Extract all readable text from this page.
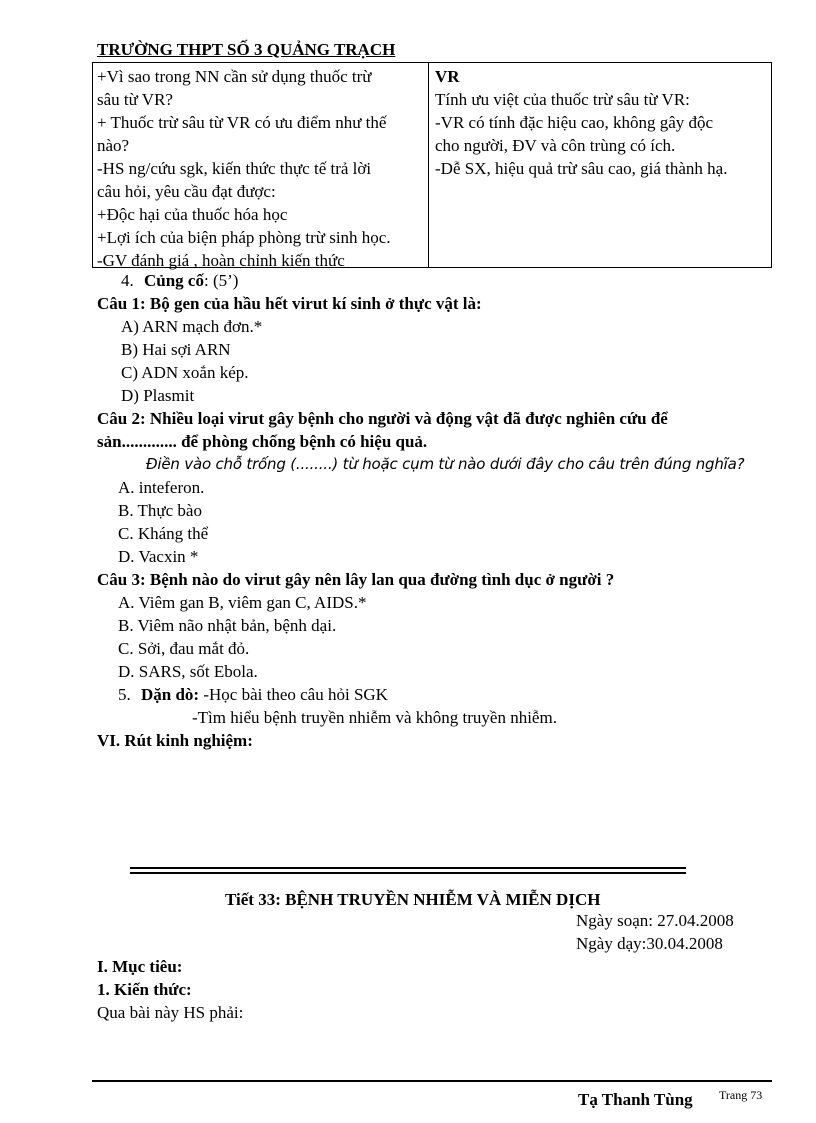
TRƯỜNG THPT SỐ 3 QUẢNG TRẠCH
+Vì sao trong NN cần sử dụng thuốc trừ
sâu từ VR?
+ Thuốc trừ sâu từ VR có ưu điểm như thế
nào?
-HS ng/cứu sgk, kiến thức thực tế trả lời
câu hỏi, yêu cầu đạt được:
+Độc hại của thuốc hóa học
+Lợi ích của biện pháp phòng trừ sinh học.
-GV đánh giá , hoàn chỉnh kiến thức
VR
Tính ưu việt của thuốc trừ sâu từ VR:
-VR có tính đặc hiệu cao, không gây độc
cho người, ĐV và côn trùng có ích.
-Dễ SX, hiệu quả trừ sâu cao, giá thành hạ.
4. Củng cố: (5’)
Câu 1: Bộ gen của hầu hết virut kí sinh ở thực vật là:
A) ARN mạch đơn.*
B) Hai sợi ARN
C) ADN xoắn kép.
D) Plasmit
Câu 2: Nhiều loại virut gây bệnh cho người và động vật đã được nghiên cứu để
sản............. để phòng chống bệnh có hiệu quả.
Điền vào chỗ trống (........) từ hoặc cụm từ nào dưới đây cho câu trên đúng nghĩa?
A. inteferon.
B. Thực bào
C. Kháng thể
D. Vacxin *
Câu 3: Bệnh nào do virut gây nên lây lan qua đường tình dục ở người ?
A. Viêm gan B, viêm gan C, AIDS.*
B. Viêm não nhật bản, bệnh dại.
C. Sởi, đau mắt đỏ.
D. SARS, sốt Ebola.
5. Dặn dò: -Học bài theo câu hỏi SGK
-Tìm hiểu bệnh truyền nhiễm và không truyền nhiễm.
VI. Rút kinh nghiệm:
Tiết 33: BỆNH TRUYỀN NHIỄM VÀ MIỄN DỊCH
Ngày soạn: 27.04.2008
Ngày dạy:30.04.2008
I. Mục tiêu:
1. Kiến thức:
Qua bài này HS phải:
Tạ Thanh Tùng Trang 73
